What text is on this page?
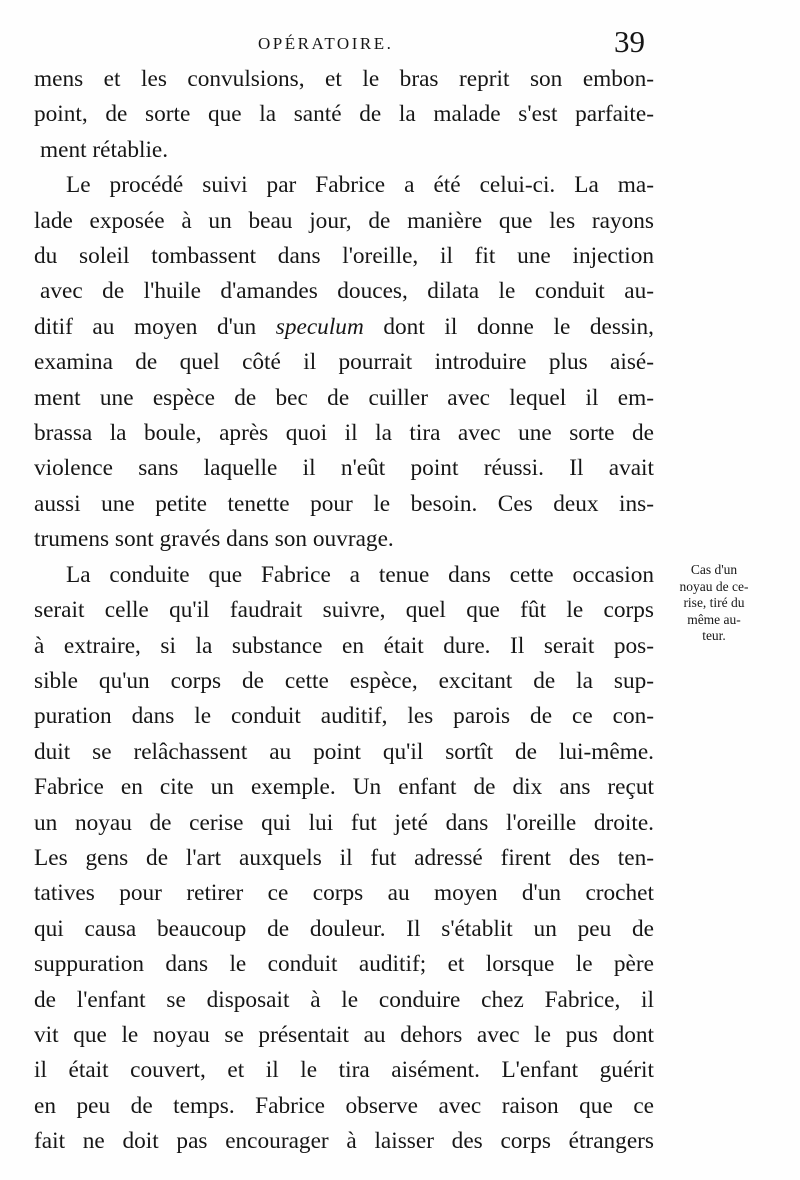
OPÉRATOIRE.	39
mens et les convulsions, et le bras reprit son embon-
point, de sorte que la santé de la malade s'est parfaite-
ment rétablie.
Le procédé suivi par Fabrice a été celui-ci. La ma-
lade exposée à un beau jour, de manière que les rayons
du soleil tombassent dans l'oreille, il fit une injection
avec de l'huile d'amandes douces, dilata le conduit au-
ditif au moyen d'un speculum dont il donne le dessin,
examina de quel côté il pourrait introduire plus aisé-
ment une espèce de bec de cuiller avec lequel il em-
brassa la boule, après quoi il la tira avec une sorte de
violence sans laquelle il n'eût point réussi. Il avait
aussi une petite tenette pour le besoin. Ces deux ins-
trumens sont gravés dans son ouvrage.
La conduite que Fabrice a tenue dans cette occasion
serait celle qu'il faudrait suivre, quel que fût le corps
à extraire, si la substance en était dure. Il serait pos-
sible qu'un corps de cette espèce, excitant de la sup-
puration dans le conduit auditif, les parois de ce con-
duit se relâchassent au point qu'il sortît de lui-même.
Fabrice en cite un exemple. Un enfant de dix ans reçut
un noyau de cerise qui lui fut jeté dans l'oreille droite.
Les gens de l'art auxquels il fut adressé firent des ten-
tatives pour retirer ce corps au moyen d'un crochet
qui causa beaucoup de douleur. Il s'établit un peu de
suppuration dans le conduit auditif; et lorsque le père
de l'enfant se disposait à le conduire chez Fabrice, il
vit que le noyau se présentait au dehors avec le pus dont
il était couvert, et il le tira aisément. L'enfant guérit
en peu de temps. Fabrice observe avec raison que ce
fait ne doit pas encourager à laisser des corps étrangers
Cas d'un
noyau de ce-
rise, tiré du
même au-
teur.
